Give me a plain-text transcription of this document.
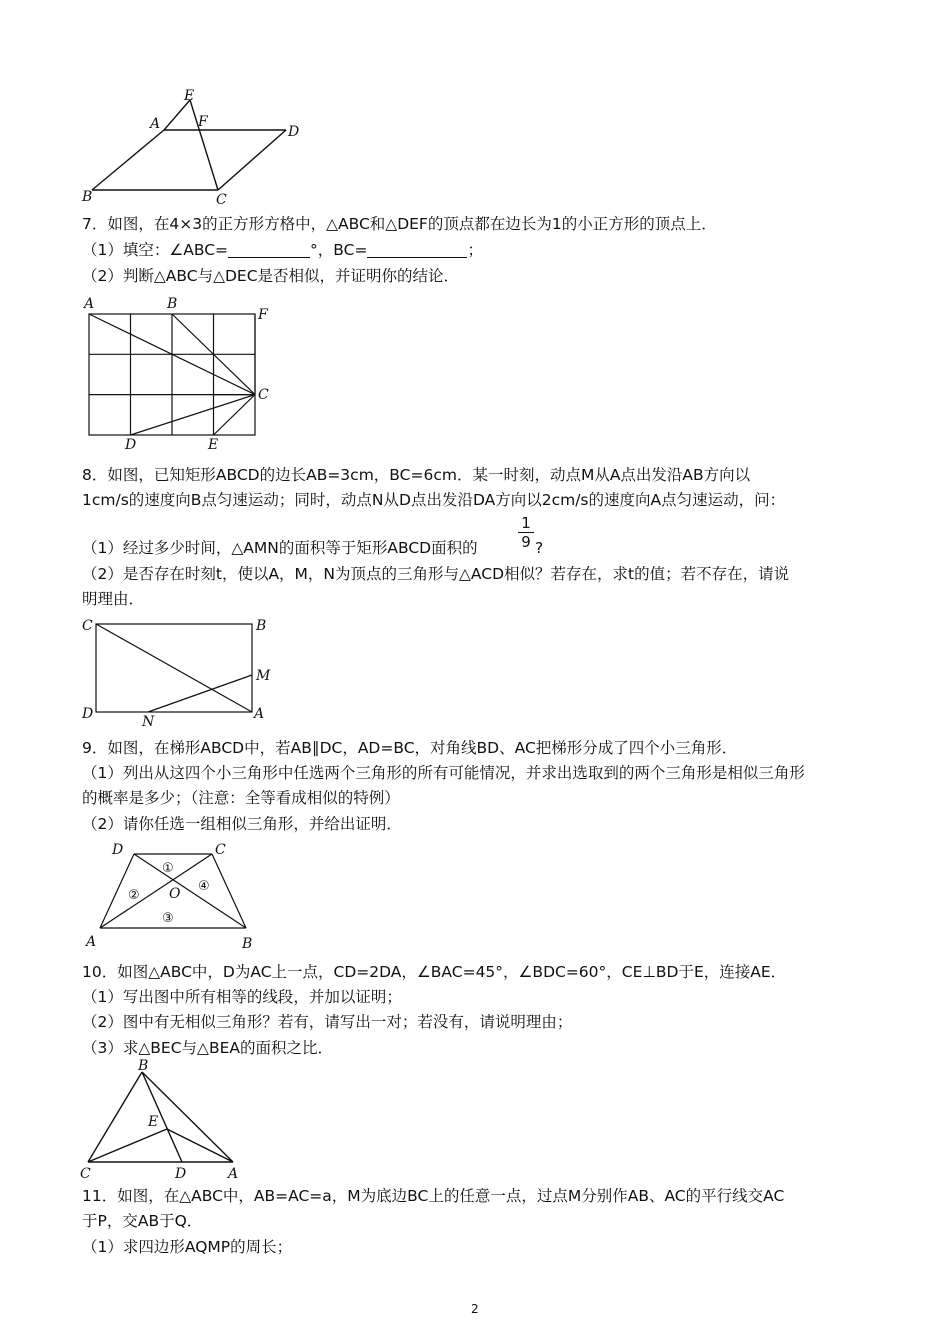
E
A	F
D
B	C
7．如图，在4×3的正方形方格中，△ABC和△DEF的顶点都在边长为1的小正方形的顶点上．
（1）填空：∠ABC=	°，BC=	；
（2）判断△ABC与△DEC是否相似，并证明你的结论．
A	B
F
C
D	E
8．如图，已知矩形ABCD的边长AB=3cm，BC=6cm．某一时刻，动点M从A点出发沿AB方向以
1cm/s的速度向B点匀速运动；同时，动点N从D点出发沿DA方向以2cm/s的速度向A点匀速运动，问：
（1）经过多少时间，△AMN的面积等于矩形ABCD面积的
1
9 ?
（2）是否存在时刻t，使以A，M，N为顶点的三角形与△ACD相似？若存在，求t的值；若不存在，请说
明理由．
C	B
M
D	N	A
9．如图，在梯形ABCD中，若AB∥DC，AD=BC，对角线BD、AC把梯形分成了四个小三角形．
（1）列出从这四个小三角形中任选两个三角形的所有可能情况，并求出选取到的两个三角形是相似三角形
的概率是多少；（注意：全等看成相似的特例）
（2）请你任选一组相似三角形，并给出证明．
D	C
O
A	B
①
②
③
④
10．如图△ABC中，D为AC上一点，CD=2DA，∠BAC=45°，∠BDC=60°，CE⊥BD于E，连接AE．
（1）写出图中所有相等的线段，并加以证明；
（2）图中有无相似三角形？若有，请写出一对；若没有，请说明理由；
（3）求△BEC与△BEA的面积之比．
B
E
C	D	A
11．如图，在△ABC中，AB=AC=a，M为底边BC上的任意一点，过点M分别作AB、AC的平行线交AC
于P，交AB于Q．
（1）求四边形AQMP的周长；
2
